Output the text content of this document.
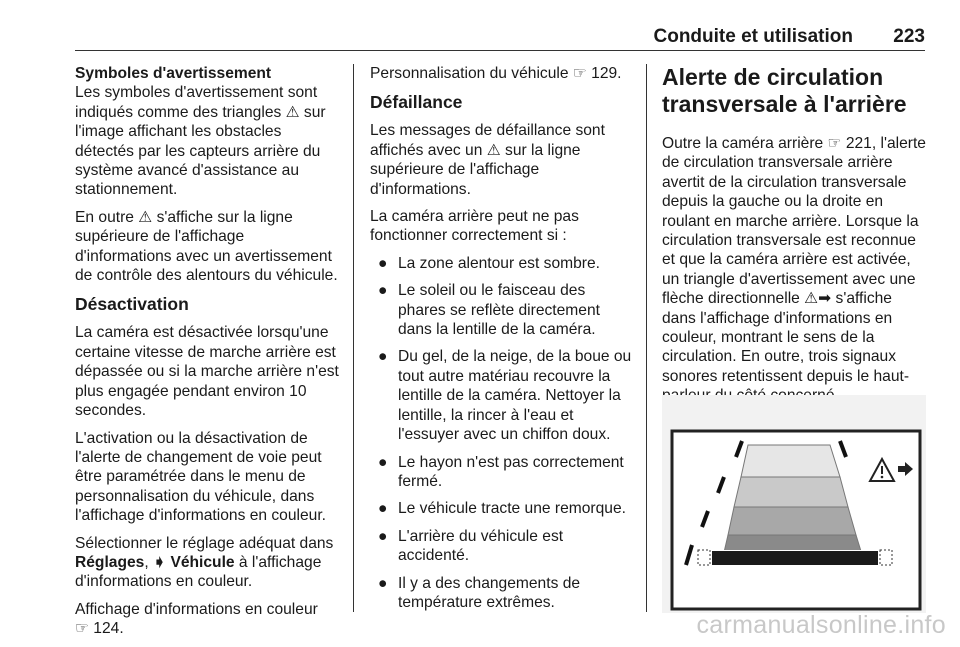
Conduite et utilisation 223

Symboles d'avertissement

Les symboles d'avertissement sont indiqués comme des triangles ⚠ sur l'image affichant les obstacles détectés par les capteurs arrière du système avancé d'assistance au stationnement.

En outre ⚠ s'affiche sur la ligne supérieure de l'affichage d'informations avec un avertissement de contrôle des alentours du véhicule.

Désactivation

La caméra est désactivée lorsqu'une certaine vitesse de marche arrière est dépassée ou si la marche arrière n'est plus engagée pendant environ 10 secondes.

L'activation ou la désactivation de l'alerte de changement de voie peut être paramétrée dans le menu de personnalisation du véhicule, dans l'affichage d'informations en couleur.

Sélectionner le réglage adéquat dans Réglages, ➧ Véhicule à l'affichage d'informations en couleur.

Affichage d'informations en couleur
☞ 124.

Personnalisation du véhicule ☞ 129.

Défaillance

Les messages de défaillance sont affichés avec un ⚠ sur la ligne supérieure de l'affichage d'informations.

La caméra arrière peut ne pas fonctionner correctement si :

● La zone alentour est sombre.
● Le soleil ou le faisceau des phares se reflète directement dans la lentille de la caméra.
● Du gel, de la neige, de la boue ou tout autre matériau recouvre la lentille de la caméra. Nettoyer la lentille, la rincer à l'eau et l'essuyer avec un chiffon doux.
● Le hayon n'est pas correctement fermé.
● Le véhicule tracte une remorque.
● L'arrière du véhicule est accidenté.
● Il y a des changements de température extrêmes.

Alerte de circulation transversale à l'arrière

Outre la caméra arrière ☞ 221, l'alerte de circulation transversale arrière avertit de la circulation transversale depuis la gauche ou la droite en roulant en marche arrière. Lorsque la circulation transversale est reconnue et que la caméra arrière est activée, un triangle d'avertissement avec une flèche directionnelle ⚠➡ s'affiche dans l'affichage d'informations en couleur, montrant le sens de la circulation. En outre, trois signaux sonores retentissent depuis le haut-

carmanualsonline.info
